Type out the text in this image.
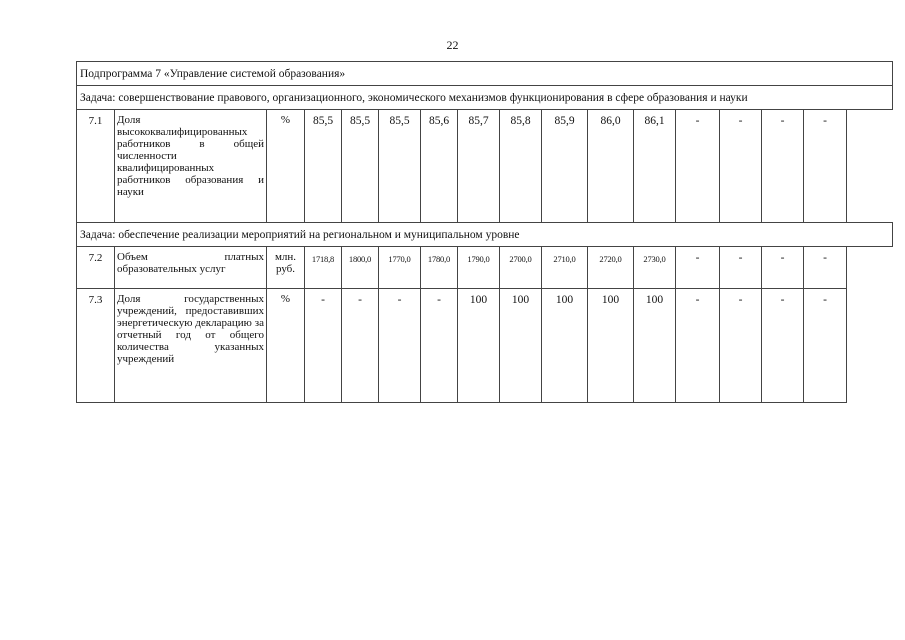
22
Подпрограмма 7 «Управление системой образования»															
Задача: совершенствование правового, организационного, экономического механизмов функционирования в сфере образования и науки															
7.1	Доля высококвалифицированных работников в общей численности квалифицированных работников образования и науки	%	85,5	85,5	85,5	85,6	85,7	85,8	85,9	86,0	86,1	-	-	-	-
Задача: обеспечение реализации мероприятий на региональном и муниципальном уровне															
7.2	Объем платных образовательных услуг	млн. руб.	1718,8	1800,0	1770,0	1780,0	1790,0	2700,0	2710,0	2720,0	2730,0	-	-	-	-
7.3	Доля государственных учреждений, предоставивших энергетическую декларацию за отчетный год от общего количества указанных учреждений	%	-	-	-	-	100	100	100	100	100	-	-	-	-
